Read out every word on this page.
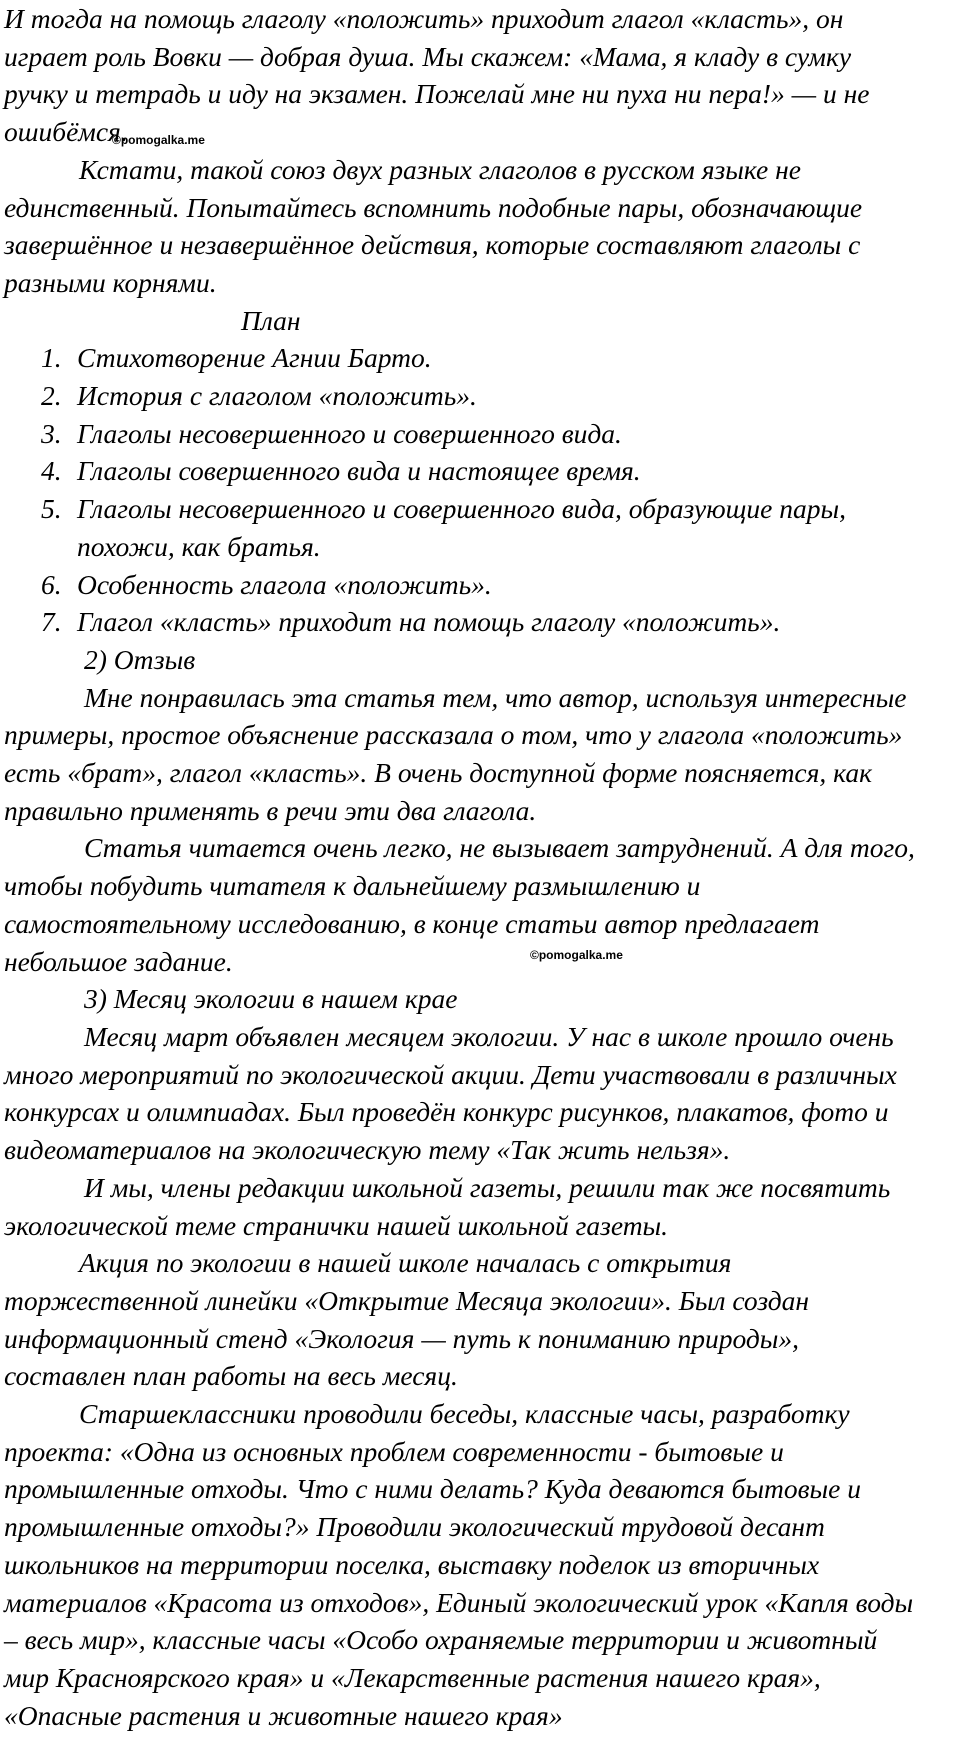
И тогда на помощь глаголу «положить» приходит глагол «класть», он

играет роль Вовки — добрая душа. Мы скажем: «Мама, я кладу в сумку

ручку и тетрадь и иду на экзамен. Пожелай мне ни пуха ни пера!» — и не

ошибёмся.
©pomogalka.me

Кстати, такой союз двух разных глаголов в русском языке не

единственный. Попытайтесь вспомнить подобные пары, обозначающие

завершённое и незавершённое действия, которые составляют глаголы с

разными корнями.

План

1. Стихотворение Агнии Барто.
2. История с глаголом «положить».
3. Глаголы несовершенного и совершенного вида.
4. Глаголы совершенного вида и настоящее время.
5. Глаголы несовершенного и совершенного вида, образующие пары,
похожи, как братья.
6. Особенность глагола «положить».
7. Глагол «класть» приходит на помощь глаголу «положить».

2) Отзыв

Мне понравилась эта статья тем, что автор, используя интересные

примеры, простое объяснение рассказала о том, что у глагола «положить»

есть «брат», глагол «класть». В очень доступной форме поясняется, как

правильно применять в речи эти два глагола.

Статья читается очень легко, не вызывает затруднений. А для того,

чтобы побудить читателя к дальнейшему размышлению и

самостоятельному исследованию, в конце статьи автор предлагает

небольшое задание.	©pomogalka.me

3) Месяц экологии в нашем крае

Месяц март объявлен месяцем экологии. У нас в школе прошло очень

много мероприятий по экологической акции. Дети участвовали в различных

конкурсах и олимпиадах. Был проведён конкурс рисунков, плакатов, фото и

видеоматериалов на экологическую тему «Так жить нельзя».

И мы, члены редакции школьной газеты, решили так же посвятить

экологической теме странички нашей школьной газеты.

Акция по экологии в нашей школе началась с открытия

торжественной линейки «Открытие Месяца экологии». Был создан

информационный стенд «Экология — путь к пониманию природы»,

составлен план работы на весь месяц.

Старшеклассники проводили беседы, классные часы, разработку

проекта: «Одна из основных проблем современности - бытовые и

промышленные отходы. Что с ними делать? Куда деваются бытовые и

промышленные отходы?» Проводили экологический трудовой десант

школьников на территории поселка, выставку поделок из вторичных

материалов «Красота из отходов», Единый экологический урок «Капля воды

– весь мир», классные часы «Особо охраняемые территории и животный

мир Красноярского края» и «Лекарственные растения нашего края»,

«Опасные растения и животные нашего края»
